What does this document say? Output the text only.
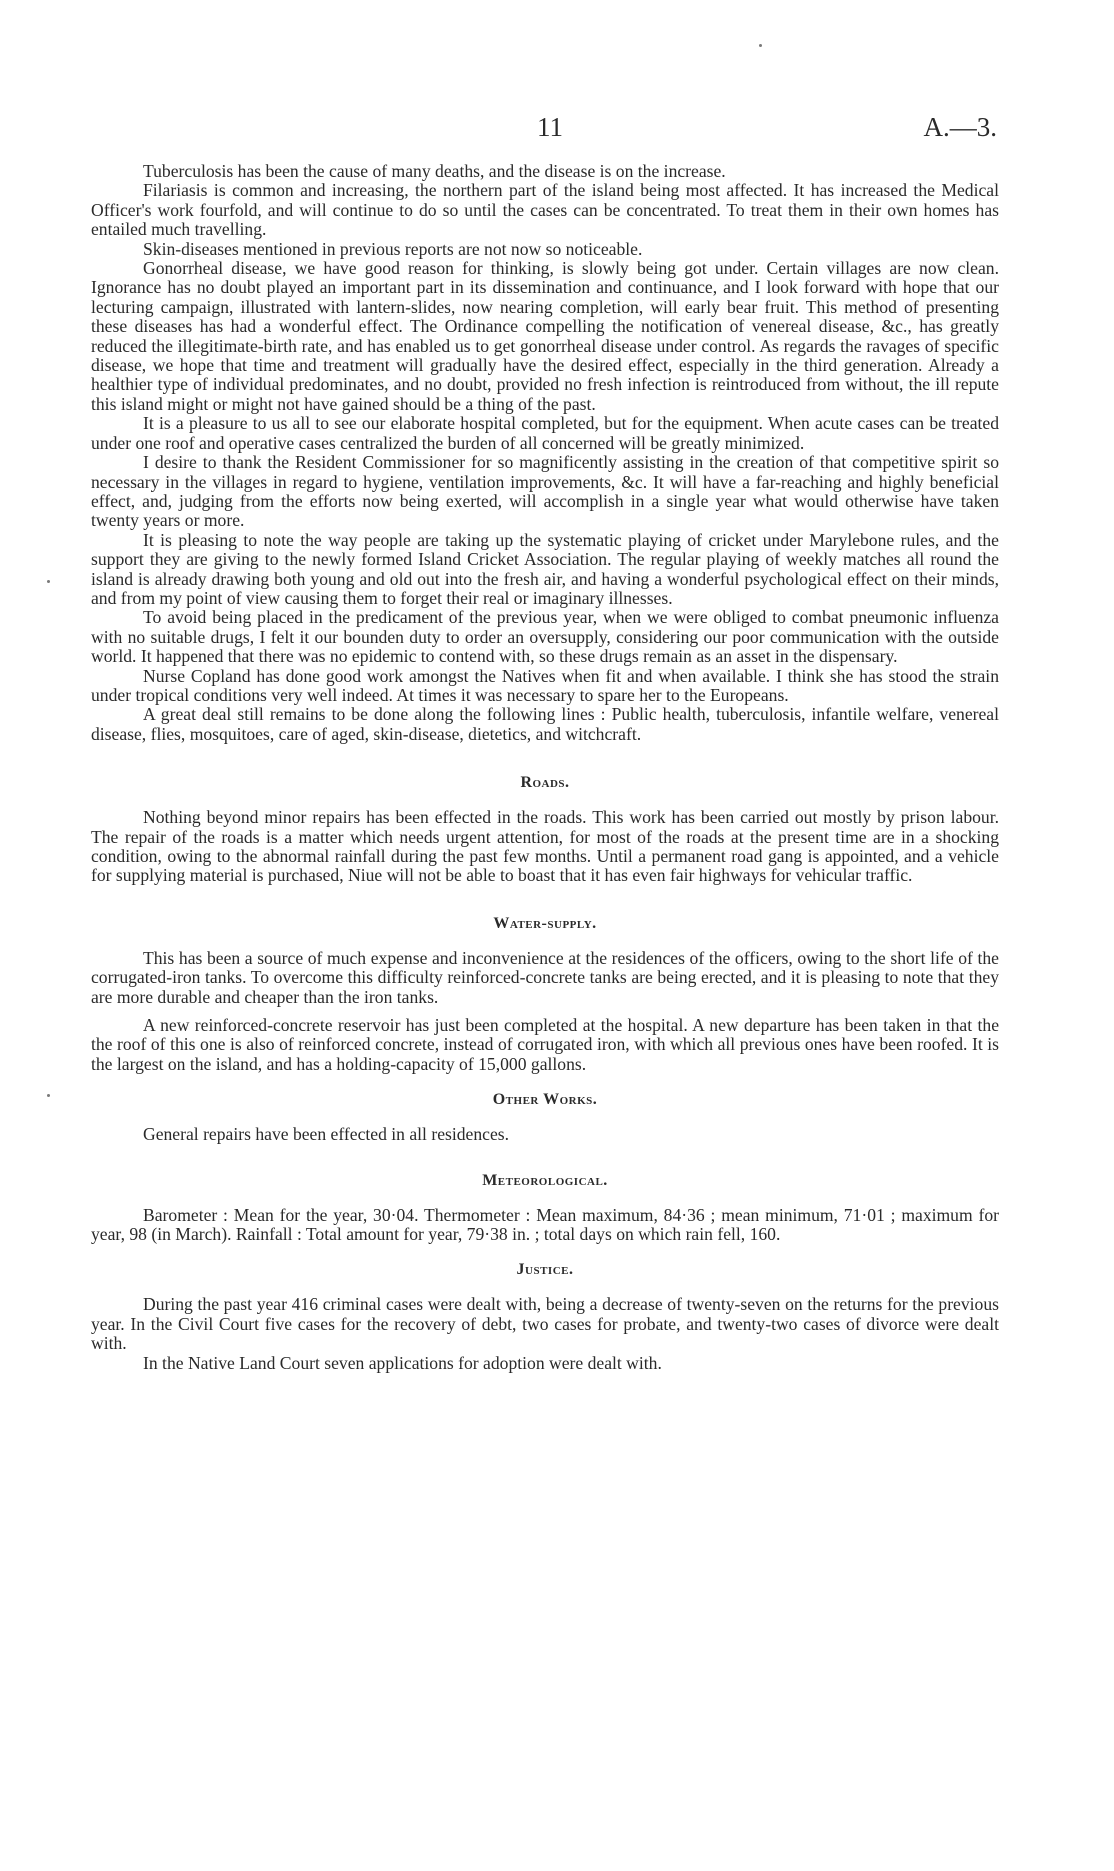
11	A.—3.

Tuberculosis has been the cause of many deaths, and the disease is on the increase.

Filariasis is common and increasing, the northern part of the island being most affected. It has increased the Medical Officer's work fourfold, and will continue to do so until the cases can be concentrated. To treat them in their own homes has entailed much travelling.

Skin-diseases mentioned in previous reports are not now so noticeable.

Gonorrheal disease, we have good reason for thinking, is slowly being got under. Certain villages are now clean. Ignorance has no doubt played an important part in its dissemination and continuance, and I look forward with hope that our lecturing campaign, illustrated with lantern-slides, now nearing completion, will early bear fruit. This method of presenting these diseases has had a wonderful effect. The Ordinance compelling the notification of venereal disease, &c., has greatly reduced the illegitimate-birth rate, and has enabled us to get gonorrheal disease under control. As regards the ravages of specific disease, we hope that time and treatment will gradually have the desired effect, especially in the third generation. Already a healthier type of individual predominates, and no doubt, provided no fresh infection is reintroduced from without, the ill repute this island might or might not have gained should be a thing of the past.

It is a pleasure to us all to see our elaborate hospital completed, but for the equipment. When acute cases can be treated under one roof and operative cases centralized the burden of all concerned will be greatly minimized.

I desire to thank the Resident Commissioner for so magnificently assisting in the creation of that competitive spirit so necessary in the villages in regard to hygiene, ventilation improvements, &c. It will have a far-reaching and highly beneficial effect, and, judging from the efforts now being exerted, will accomplish in a single year what would otherwise have taken twenty years or more.

It is pleasing to note the way people are taking up the systematic playing of cricket under Marylebone rules, and the support they are giving to the newly formed Island Cricket Association. The regular playing of weekly matches all round the island is already drawing both young and old out into the fresh air, and having a wonderful psychological effect on their minds, and from my point of view causing them to forget their real or imaginary illnesses.

To avoid being placed in the predicament of the previous year, when we were obliged to combat pneumonic influenza with no suitable drugs, I felt it our bounden duty to order an oversupply, considering our poor communication with the outside world. It happened that there was no epidemic to contend with, so these drugs remain as an asset in the dispensary.

Nurse Copland has done good work amongst the Natives when fit and when available. I think she has stood the strain under tropical conditions very well indeed. At times it was necessary to spare her to the Europeans.

A great deal still remains to be done along the following lines : Public health, tuberculosis, infantile welfare, venereal disease, flies, mosquitoes, care of aged, skin-disease, dietetics, and witchcraft.

Roads.

Nothing beyond minor repairs has been effected in the roads. This work has been carried out mostly by prison labour. The repair of the roads is a matter which needs urgent attention, for most of the roads at the present time are in a shocking condition, owing to the abnormal rainfall during the past few months. Until a permanent road gang is appointed, and a vehicle for supplying material is purchased, Niue will not be able to boast that it has even fair highways for vehicular traffic.

Water-supply.

This has been a source of much expense and inconvenience at the residences of the officers, owing to the short life of the corrugated-iron tanks. To overcome this difficulty reinforced-concrete tanks are being erected, and it is pleasing to note that they are more durable and cheaper than the iron tanks.

A new reinforced-concrete reservoir has just been completed at the hospital. A new departure has been taken in that the the roof of this one is also of reinforced concrete, instead of corrugated iron, with which all previous ones have been roofed. It is the largest on the island, and has a holding-capacity of 15,000 gallons.

Other Works.

General repairs have been effected in all residences.

Meteorological.

Barometer : Mean for the year, 30·04. Thermometer : Mean maximum, 84·36 ; mean minimum, 71·01 ; maximum for year, 98 (in March). Rainfall : Total amount for year, 79·38 in. ; total days on which rain fell, 160.

Justice.

During the past year 416 criminal cases were dealt with, being a decrease of twenty-seven on the returns for the previous year. In the Civil Court five cases for the recovery of debt, two cases for probate, and twenty-two cases of divorce were dealt with.

In the Native Land Court seven applications for adoption were dealt with.
